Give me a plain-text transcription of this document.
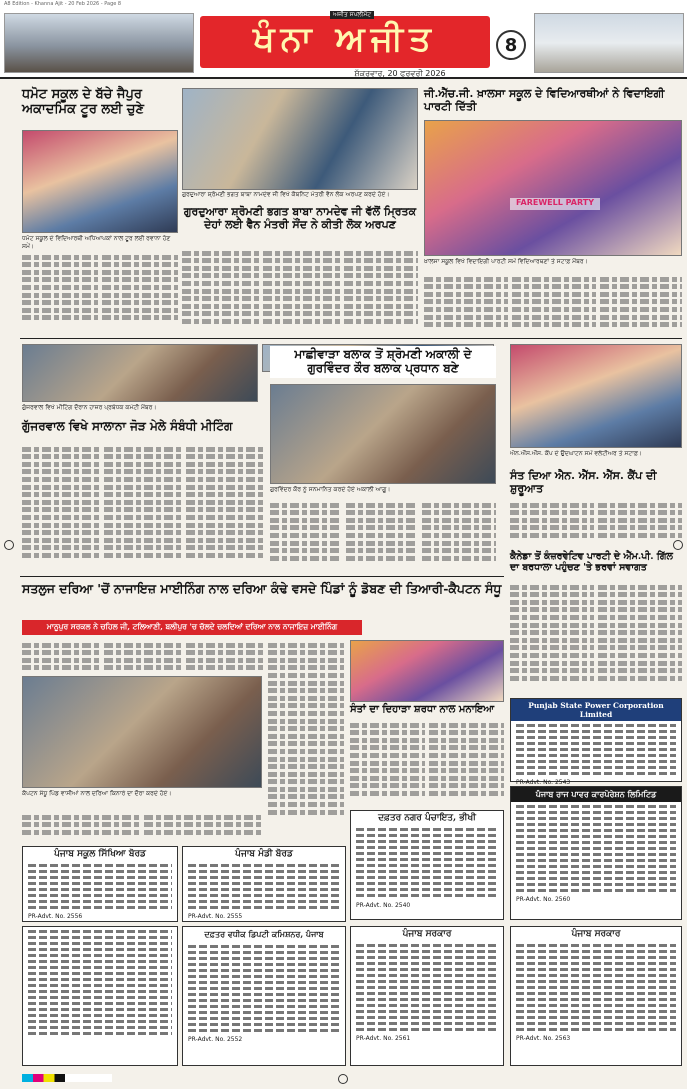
A8 Edition - Khanna Ajit - 20 Feb 2026 - Page 8
ਖੰਨਾ ਅਜੀਤ
ਅਜੀਤ ਸਪਲੀਮੈਂਟ
8
ਸ਼ੁੱਕਰਵਾਰ, 20 ਫਰਵਰੀ 2026
ਧਮੋਟ ਸਕੂਲ ਦੇ ਬੱਚੇ ਜੈਪੁਰ ਅਕਾਦਮਿਕ ਟੂਰ ਲਈ ਚੁਣੇ
ਧਮੋਟ ਸਕੂਲ ਦੇ ਵਿਦਿਆਰਥੀ ਅਧਿਆਪਕਾਂ ਨਾਲ ਟੂਰ ਲਈ ਰਵਾਨਾ ਹੋਣ ਸਮੇਂ।
ਗੁਰਦੁਆਰਾ ਸ਼੍ਰੋਮਣੀ ਭਗਤ ਬਾਬਾ ਨਾਮਦੇਵ ਜੀ ਵਿਖੇ ਕੈਬਨਿਟ ਮੰਤਰੀ ਵੈਨ ਲੋਕ ਅਰਪਣ ਕਰਦੇ ਹੋਏ।
ਗੁਰਦੁਆਰਾ ਸ਼੍ਰੋਮਣੀ ਭਗਤ ਬਾਬਾ ਨਾਮਦੇਵ ਜੀ ਵੱਲੋਂ ਮ੍ਰਿਤਕ ਦੇਹਾਂ ਲਈ ਵੈਨ ਮੰਤਰੀ ਸੌਂਦ ਨੇ ਕੀਤੀ ਲੋਕ ਅਰਪਣ
ਜੀ.ਐੱਚ.ਜੀ. ਖ਼ਾਲਸਾ ਸਕੂਲ ਦੇ ਵਿਦਿਆਰਥੀਆਂ ਨੇ ਵਿਦਾਇਗੀ ਪਾਰਟੀ ਦਿੱਤੀ
FAREWELL PARTY
ਖ਼ਾਲਸਾ ਸਕੂਲ ਵਿਖੇ ਵਿਦਾਇਗੀ ਪਾਰਟੀ ਸਮੇਂ ਵਿਦਿਆਰਥਣਾਂ ਤੇ ਸਟਾਫ਼ ਮੈਂਬਰ।
ਗੁੱਜਰਵਾਲ ਵਿਖੇ ਮੀਟਿੰਗ ਦੌਰਾਨ ਹਾਜ਼ਰ ਪ੍ਰਬੰਧਕ ਕਮੇਟੀ ਮੈਂਬਰ।
ਗੁੱਜਰਵਾਲ ਵਿਖੇ ਸਾਲਾਨਾ ਜੋੜ ਮੇਲੇ ਸੰਬੰਧੀ ਮੀਟਿੰਗ
ਮਾਛੀਵਾੜਾ ਬਲਾਕ ਤੋਂ ਸ਼੍ਰੋਮਣੀ ਅਕਾਲੀ ਦੇ ਗੁਰਵਿੰਦਰ ਕੌਰ ਬਲਾਕ ਪ੍ਰਧਾਨ ਬਣੇ
ਗੁਰਵਿੰਦਰ ਕੌਰ ਨੂੰ ਸਨਮਾਨਿਤ ਕਰਦੇ ਹੋਏ ਅਕਾਲੀ ਆਗੂ।
ਐਨ.ਐੱਸ.ਐੱਸ. ਕੈਂਪ ਦੇ ਉਦਘਾਟਨ ਸਮੇਂ ਵਲੰਟੀਅਰ ਤੇ ਸਟਾਫ਼।
ਸੰਤ ਦਿਆ ਐਨ. ਐੱਸ. ਐੱਸ. ਕੈਂਪ ਦੀ ਸ਼ੁਰੂਆਤ
ਕੈਨੇਡਾ ਤੋਂ ਕੰਜ਼ਰਵੇਟਿਵ ਪਾਰਟੀ ਦੇ ਐੱਮ.ਪੀ. ਗਿੱਲ ਦਾ ਬਰਧਾਲਾ ਪਹੁੰਚਣ 'ਤੇ ਭਰਵਾਂ ਸਵਾਗਤ
ਸਤਲੁਜ ਦਰਿਆ 'ਚੋਂ ਨਾਜਾਇਜ਼ ਮਾਈਨਿੰਗ ਨਾਲ ਦਰਿਆ ਕੰਢੇ ਵਸਦੇ ਪਿੰਡਾਂ ਨੂੰ ਡੋਬਣ ਦੀ ਤਿਆਰੀ-ਕੈਪਟਨ ਸੰਧੂ
ਮਾਨੂਪੁਰ ਸਰਕਲ ਨੇ ਚਹਿਲ ਜੀ, ਟਲਿਆਣੀ, ਬਲੀਪੁਰ 'ਚ ਚੱਲਦੇ ਚਲਦਿਆਂ ਦਰਿਆ ਨਾਲ ਨਾਜਾਇਜ਼ ਮਾਈਨਿੰਗ
ਕੈਪਟਨ ਸੰਧੂ ਪਿੰਡ ਵਾਸੀਆਂ ਨਾਲ ਦਰਿਆ ਕਿਨਾਰੇ ਦਾ ਦੌਰਾ ਕਰਦੇ ਹੋਏ।
ਸੰਤਾਂ ਦਾ ਦਿਹਾੜਾ ਸ਼ਰਧਾ ਨਾਲ ਮਨਾਇਆ
ਦਫ਼ਤਰ ਨਗਰ ਪੰਚਾਇਤ, ਭੀਖੀ
PR-Advt. No. 2540
Punjab State Power Corporation Limited
PR-Advt. No. 2543
ਪੰਜਾਬ ਰਾਜ ਪਾਵਰ ਕਾਰਪੋਰੇਸ਼ਨ ਲਿਮਿਟਿਡ
PR-Advt. No. 2560
ਪੰਜਾਬ ਸਕੂਲ ਸਿੱਖਿਆ ਬੋਰਡ
PR-Advt. No. 2556
ਪੰਜਾਬ ਮੰਡੀ ਬੋਰਡ
PR-Advt. No. 2555
ਦਫ਼ਤਰ ਵਧੀਕ ਡਿਪਟੀ ਕਮਿਸ਼ਨਰ, ਪੰਜਾਬ
PR-Advt. No. 2552
ਪੰਜਾਬ ਸਰਕਾਰ
PR-Advt. No. 2561
ਪੰਜਾਬ ਸਰਕਾਰ
PR-Advt. No. 2563
